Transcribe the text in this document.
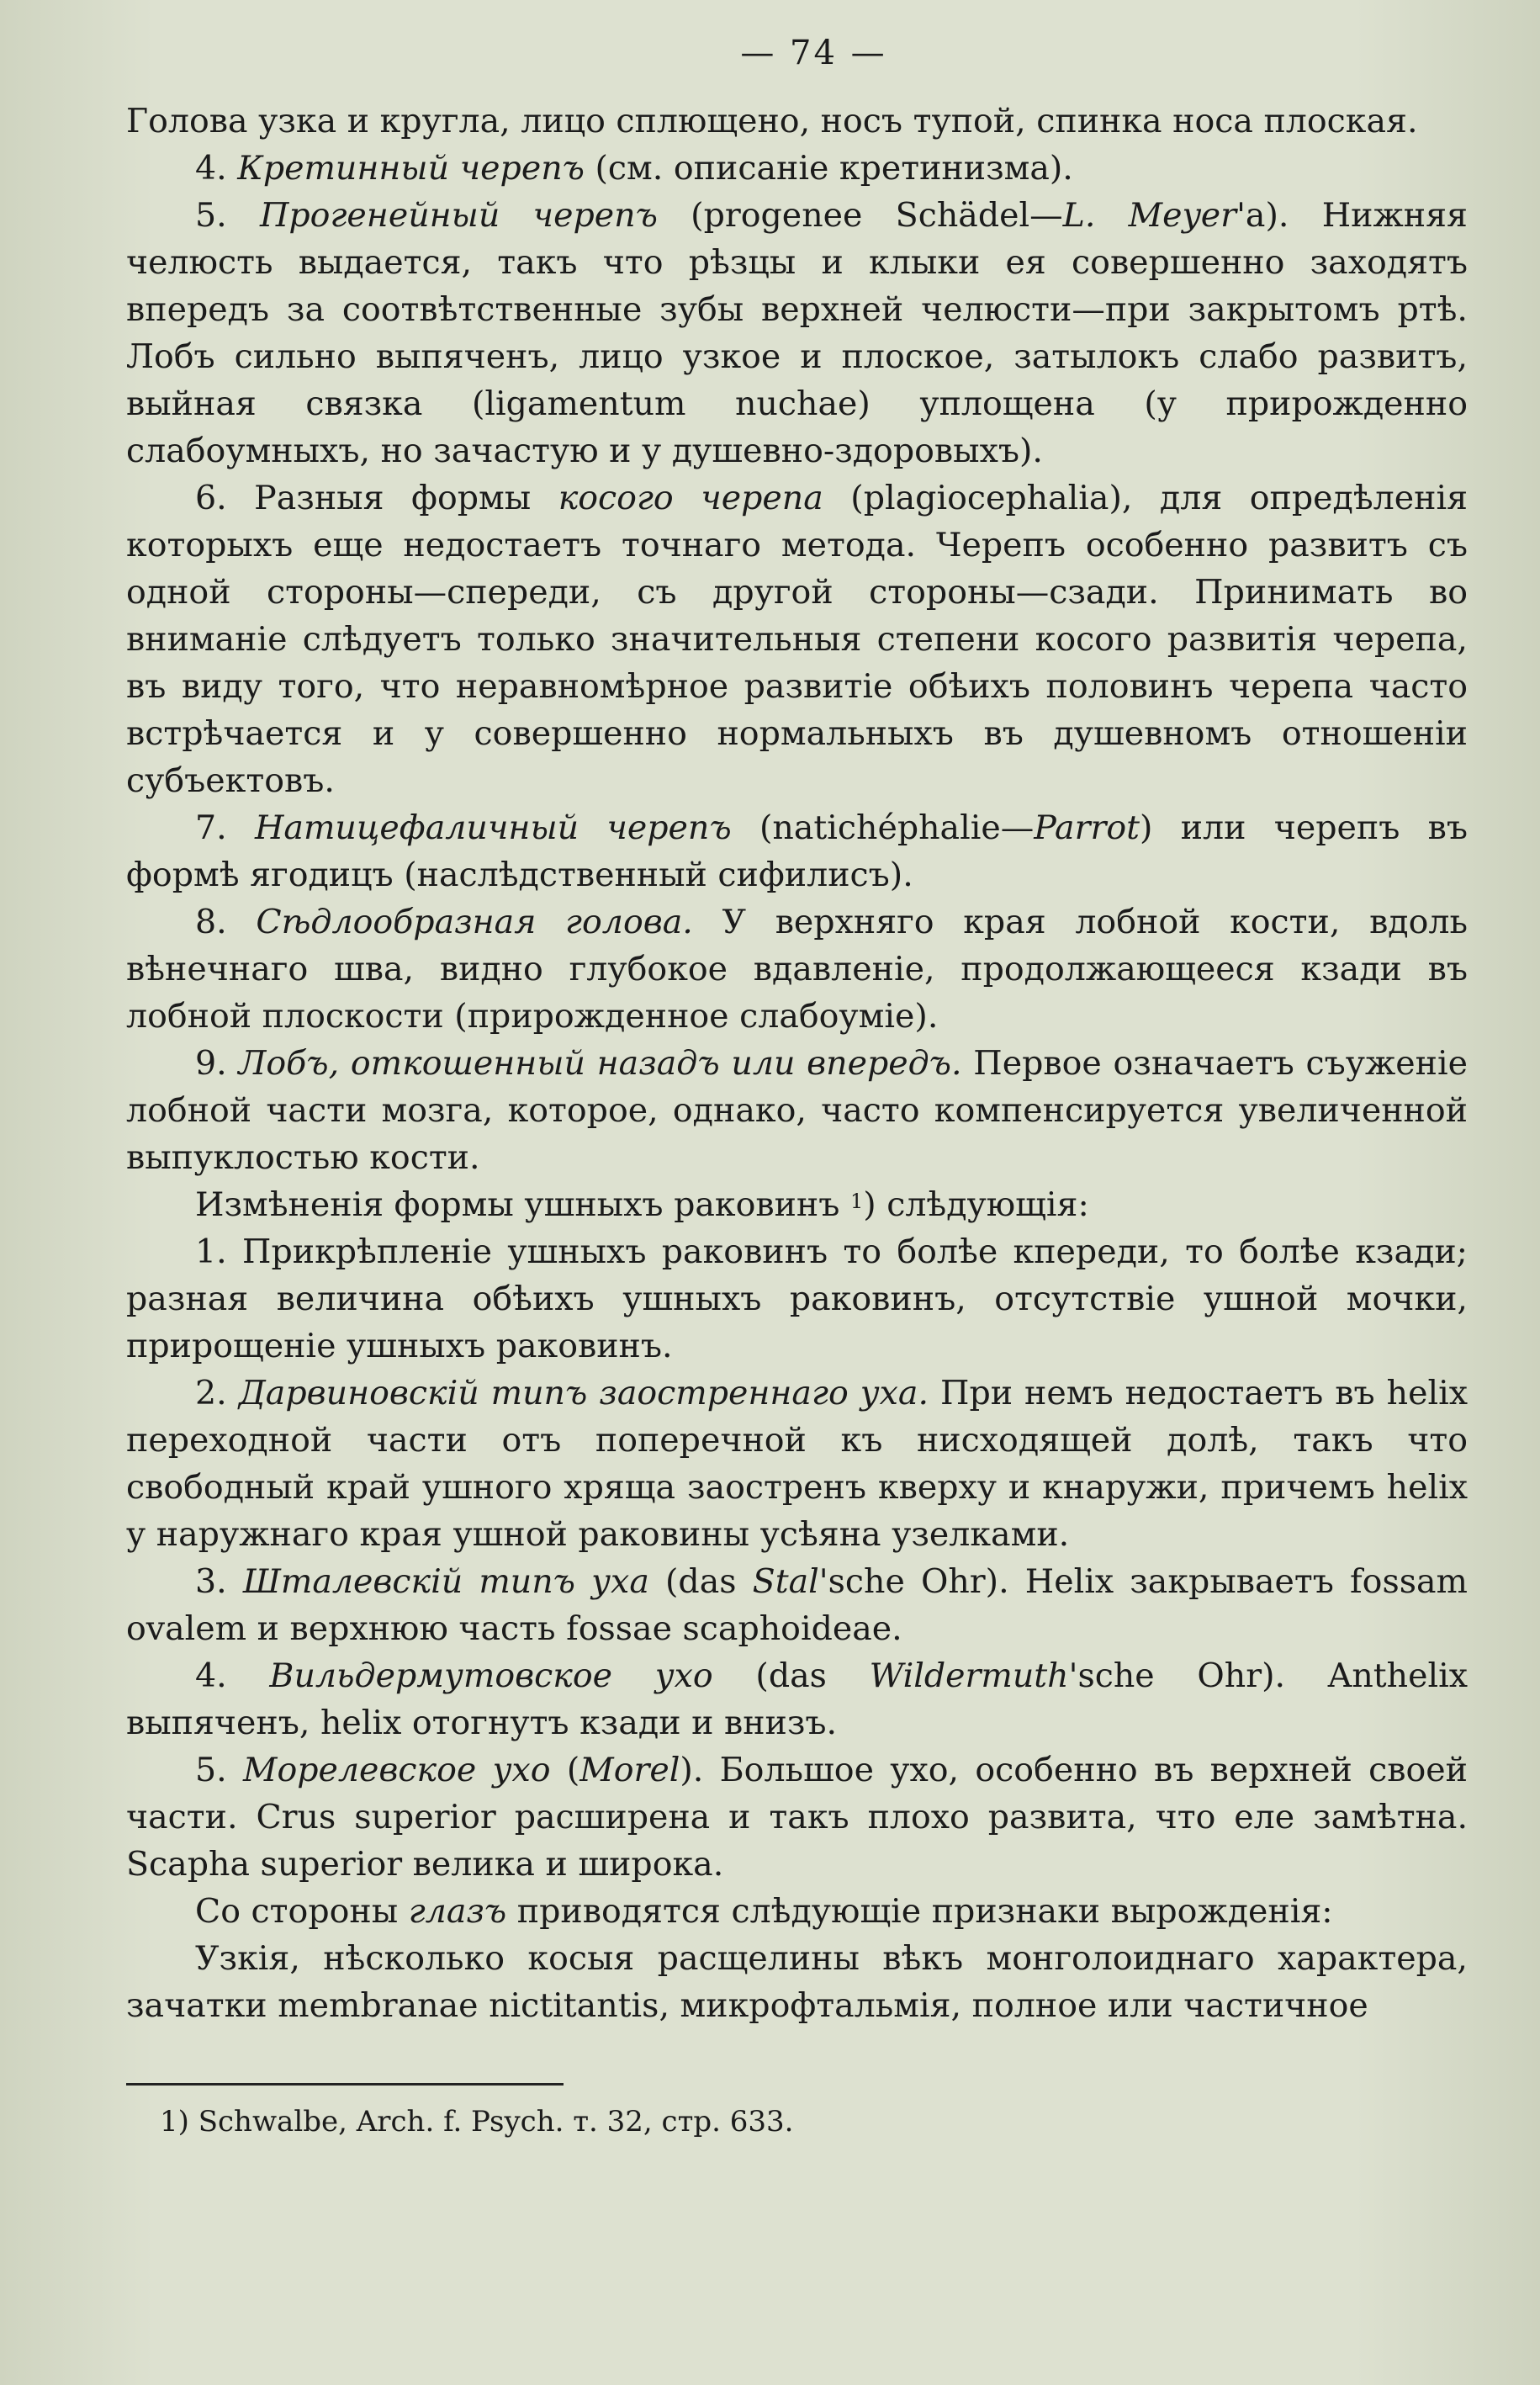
— 74 —

Голова узка и кругла, лицо сплющено, носъ тупой, спинка носа плоская.

4. Кретинный черепъ (см. описаніе кретинизма).

5. Прогенейный черепъ (progenee Schädel—L. Meyer'а). Нижняя челюсть выдается, такъ что рѣзцы и клыки ея совершенно заходятъ впередъ за соотвѣтственные зубы верхней челюсти—при закрытомъ ртѣ. Лобъ сильно выпяченъ, лицо узкое и плоское, затылокъ слабо развитъ, выйная связка (ligamentum nuchae) уплощена (у прирожденно слабоумныхъ, но зачастую и у душевно-здоровыхъ).

6. Разныя формы косого черепа (plagiocephalia), для опредѣленія которыхъ еще недостаетъ точнаго метода. Черепъ особенно развитъ съ одной стороны—спереди, съ другой стороны—сзади. Принимать во вниманіе слѣдуетъ только значительныя степени косого развитія черепа, въ виду того, что неравномѣрное развитіе обѣихъ половинъ черепа часто встрѣчается и у совершенно нормальныхъ въ душевномъ отношеніи субъектовъ.

7. Натицефаличный черепъ (natichéphalie—Parrot) или черепъ въ формѣ ягодицъ (наслѣдственный сифилисъ).

8. Сѣдлообразная голова. У верхняго края лобной кости, вдоль вѣнечнаго шва, видно глубокое вдавленіе, продолжающееся кзади въ лобной плоскости (прирожденное слабоуміе).

9. Лобъ, откошенный назадъ или впередъ. Первое означаетъ съуженіе лобной части мозга, которое, однако, часто компенсируется увеличенной выпуклостью кости.

Измѣненія формы ушныхъ раковинъ $^1$) слѣдующія:

1. Прикрѣпленіе ушныхъ раковинъ то болѣе кпереди, то болѣе кзади; разная величина обѣихъ ушныхъ раковинъ, отсутствіе ушной мочки, прирощеніе ушныхъ раковинъ.

2. Дарвиновскій типъ заостреннаго уха. При немъ недостаетъ въ helix переходной части отъ поперечной къ нисходящей долѣ, такъ что свободный край ушного хряща заостренъ кверху и кнаружи, причемъ helix у наружнаго края ушной раковины усѣяна узелками.

3. Шталевскій типъ уха (das Stal'sche Ohr). Helix закрываетъ fossam ovalem и верхнюю часть fossae scaphoideae.

4. Вильдермутовское ухо (das Wildermuth'sche Ohr). Anthelix выпяченъ, helix отогнутъ кзади и внизъ.

5. Морелевское ухо (Morel). Большое ухо, особенно въ верхней своей части. Crus superior расширена и такъ плохо развита, что еле замѣтна. Scapha superior велика и широка.

Со стороны глазъ приводятся слѣдующіе признаки вырожденія:

Узкія, нѣсколько косыя расщелины вѣкъ монголоиднаго характера, зачатки membranae nictitantis, микрофтальмія, полное или частичное

1) Schwalbe, Arch. f. Psych. т. 32, стр. 633.
